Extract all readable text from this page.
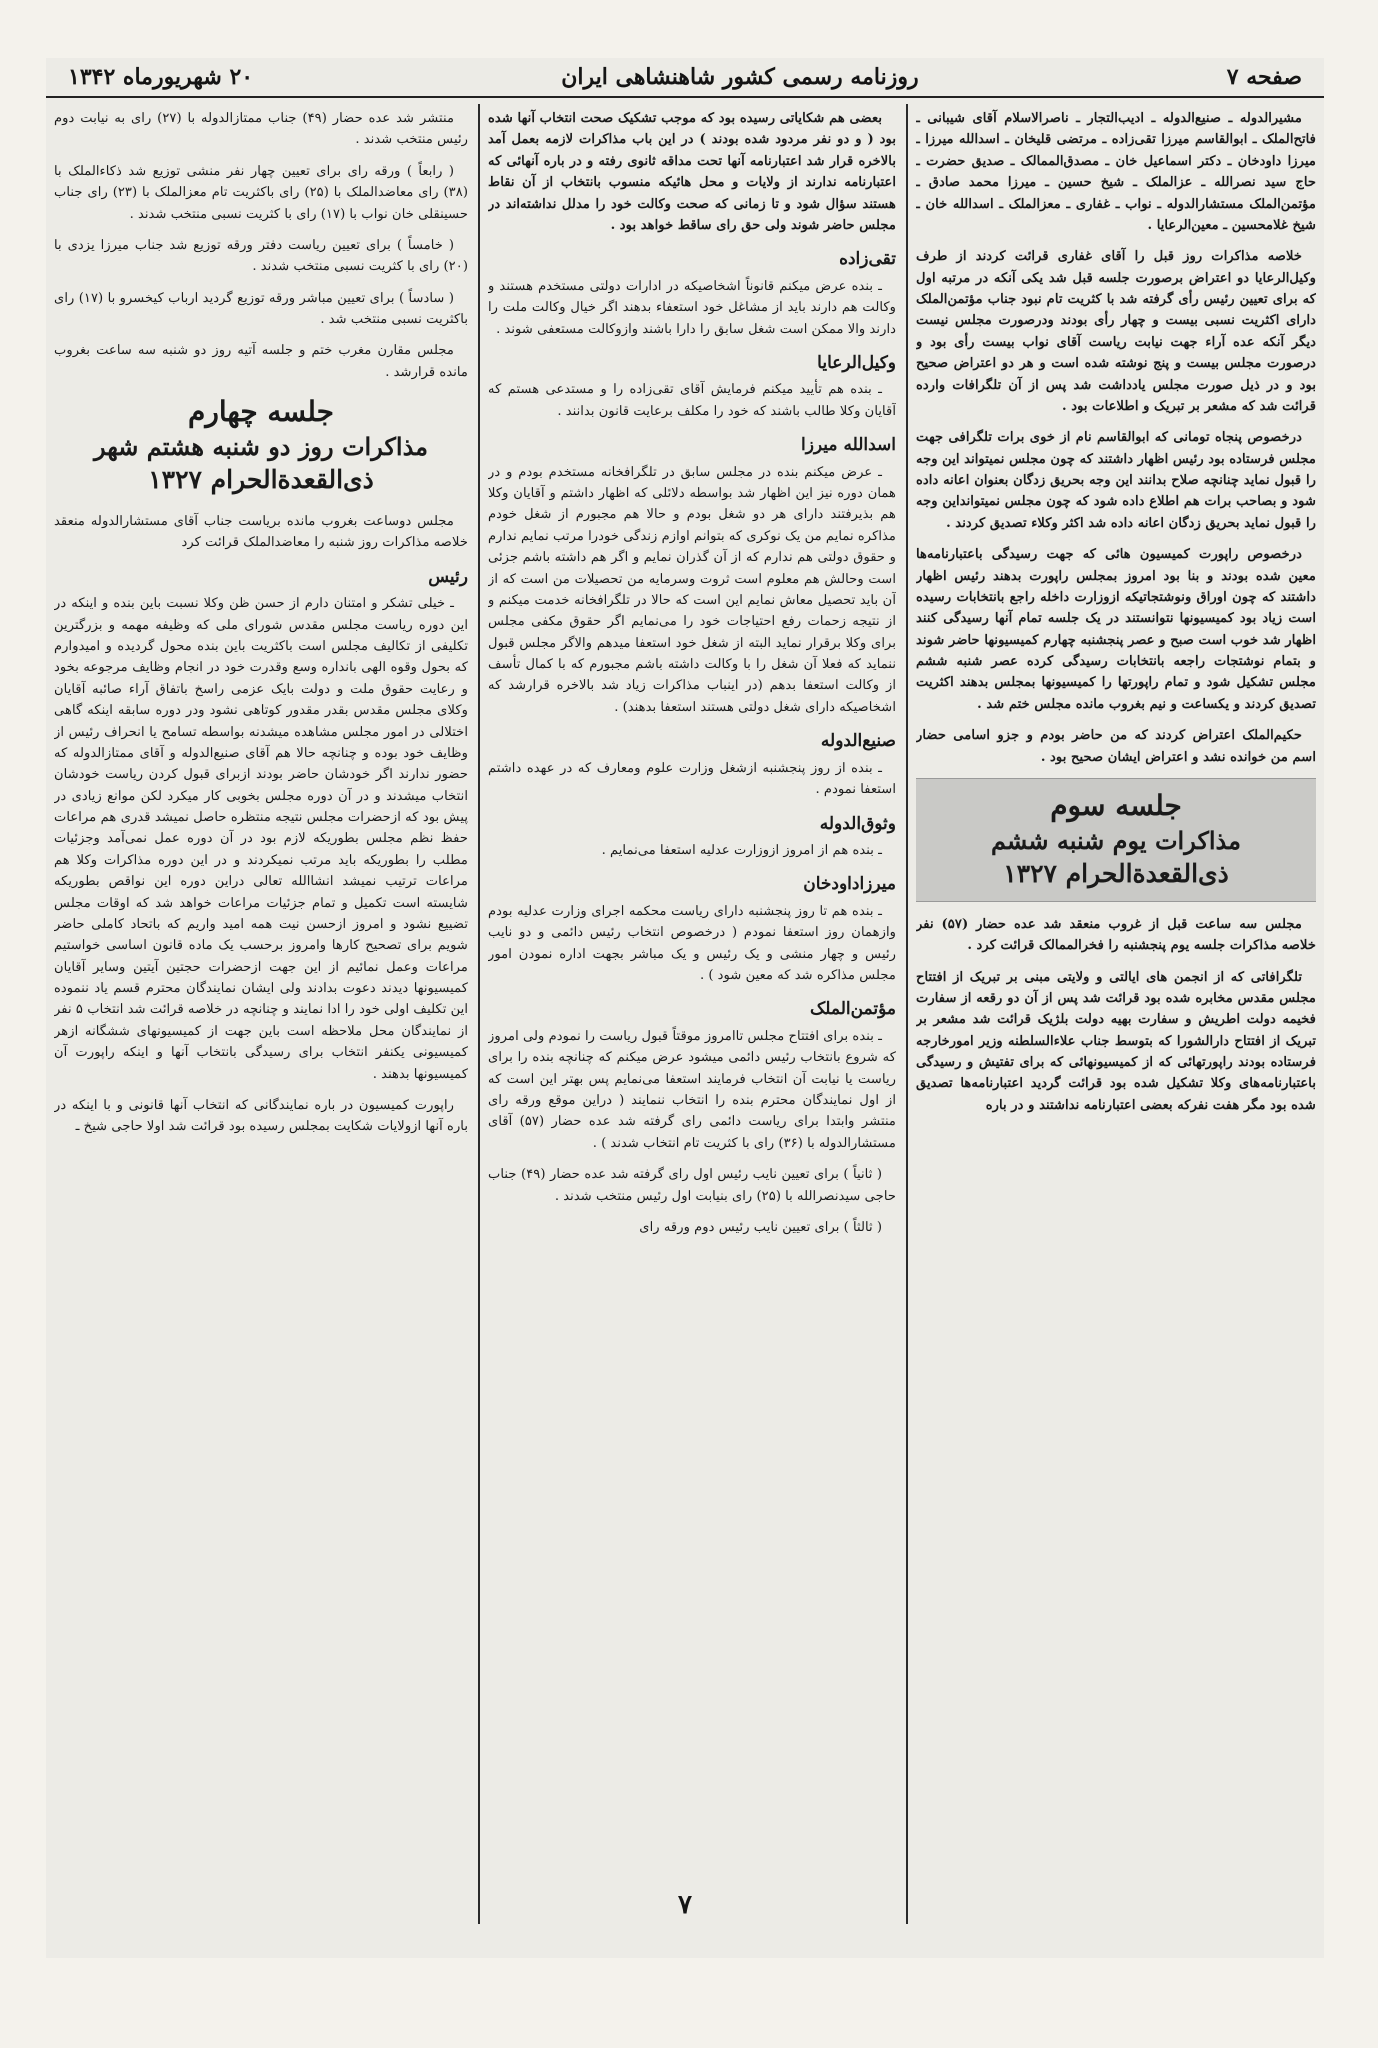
صفحه ۷
روزنامه رسمی کشور شاهنشاهی ایران
۲۰ شهریورماه ۱۳۴۲

مشیرالدوله ـ صنیع‌الدوله ـ ادیب‌التجار ـ ناصرالاسلام آقای شیبانی ـ فاتح‌الملک ـ ابوالقاسم میرزا تقی‌زاده ـ مرتضی قلیخان ـ اسدالله میرزا ـ میرزا داودخان ـ دکتر اسماعیل خان ـ مصدق‌الممالک ـ صدیق حضرت ـ حاج سید نصرالله ـ عزالملک ـ شیخ حسین ـ میرزا محمد صادق ـ مؤتمن‌الملک مستشارالدوله ـ نواب ـ غفاری ـ معزالملک ـ اسدالله خان ـ شیخ غلامحسین ـ معین‌الرعایا .

خلاصه مذاکرات روز قبل را آقای غفاری قرائت کردند از طرف وکیل‌الرعایا دو اعتراض برصورت جلسه قبل شد یکی آنکه در مرتبه اول که برای تعیین رئیس رأی گرفته شد با کثریت تام نبود جناب مؤتمن‌الملک دارای اکثریت نسبی بیست و چهار رأی بودند ودرصورت مجلس نیست دیگر آنکه عده آراء جهت نیابت ریاست آقای نواب بیست رأی بود و درصورت مجلس بیست و پنج نوشته شده است و هر دو اعتراض صحیح بود و در ذیل صورت مجلس یادداشت شد پس از آن تلگرافات وارده قرائت شد که مشعر بر تبریک و اطلاعات بود .

درخصوص پنجاه تومانی که ابوالقاسم نام از خوی برات تلگرافی جهت مجلس فرستاده بود رئیس اظهار داشتند که چون مجلس نمیتواند این وجه را قبول نماید چنانچه صلاح بدانند این وجه بحریق زدگان بعنوان اعانه داده شود و بصاحب برات هم اطلاع داده شود که چون مجلس نمیتوانداین وجه را قبول نماید بحریق زدگان اعانه داده شد اکثر وکلاء تصدیق کردند .

درخصوص راپورت کمیسیون هائی که جهت رسیدگی باعتبارنامه‌ها معین شده بودند و بنا بود امروز بمجلس راپورت بدهند رئیس اظهار داشتند که چون اوراق ونوشتجاتیکه ازوزارت داخله راجع بانتخابات رسیده است زیاد بود کمیسیونها نتوانستند در یک جلسه تمام آنها رسیدگی کنند اظهار شد خوب است صبح و عصر پنجشنبه چهارم کمیسیونها حاضر شوند و بتمام نوشتجات راجعه بانتخابات رسیدگی کرده عصر شنبه ششم مجلس تشکیل شود و تمام راپورتها را کمیسیونها بمجلس بدهند اکثریت تصدیق کردند و یکساعت و نیم بغروب مانده مجلس ختم شد .

حکیم‌الملک اعتراض کردند که من حاضر بودم و جزو اسامی حضار اسم من خوانده نشد و اعتراض ایشان صحیح بود .

جلسه سوم
مذاکرات یوم شنبه ششم
ذی‌القعدة‌الحرام ۱۳۲۷

مجلس سه ساعت قبل از غروب منعقد شد عده حضار (۵۷) نفر خلاصه مذاکرات جلسه یوم پنجشنبه را فخرالممالک قرائت کرد .

تلگرافاتی که از انجمن های ایالتی و ولایتی مبنی بر تبریک از افتتاح مجلس مقدس مخابره شده بود قرائت شد پس از آن دو رقعه از سفارت فخیمه دولت اطریش و سفارت بهیه دولت بلژیک قرائت شد مشعر بر تبریک از افتتاح دارالشورا که بتوسط جناب علاءالسلطنه وزیر امورخارجه فرستاده بودند راپورتهائی که از کمیسیونهائی که برای تفتیش و رسیدگی باعتبارنامه‌های وکلا تشکیل شده بود قرائت گردید اعتبارنامه‌ها تصدیق شده بود مگر هفت نفرکه بعضی اعتبارنامه نداشتند و در باره

بعضی هم شکایاتی رسیده بود که موجب تشکیک صحت انتخاب آنها شده بود ( و دو نفر مردود شده بودند ) در این باب مذاکرات لازمه بعمل آمد بالاخره قرار شد اعتبارنامه آنها تحت مداقه ثانوی رفته و در باره آنهائی که اعتبارنامه ندارند از ولایات و محل هائیکه منسوب بانتخاب از آن نقاط هستند سؤال شود و تا زمانی که صحت وکالت خود را مدلل نداشته‌اند در مجلس حاضر شوند ولی حق رای ساقط خواهد بود .

تقی‌زاده

ـ بنده عرض میکنم قانوناً اشخاصیکه در ادارات دولتی مستخدم هستند و وکالت هم دارند باید از مشاغل خود استعفاء بدهند اگر خیال وکالت ملت را دارند والا ممکن است شغل سابق را دارا باشند وازوکالت مستعفی شوند .

وکیل‌الرعایا

ـ بنده هم تأیید میکنم فرمایش آقای تقی‌زاده را و مستدعی هستم که آقایان وکلا طالب باشند که خود را مکلف برعایت قانون بدانند .

اسدالله میرزا

ـ عرض میکنم بنده در مجلس سابق در تلگرافخانه مستخدم بودم و در همان دوره نیز این اظهار شد بواسطه دلائلی که اظهار داشتم و آقایان وکلا هم بذیرفتند دارای هر دو شغل بودم و حالا هم مجبورم از شغل خودم مذاکره نمایم من یک نوکری که بتوانم اوازم زندگی خودرا مرتب نمایم ندارم و حقوق دولتی هم ندارم که از آن گذران نمایم و اگر هم داشته باشم جزئی است وحالش هم معلوم است ثروت وسرمایه من تحصیلات من است که از آن باید تحصیل معاش نمایم این است که حالا در تلگرافخانه خدمت میکنم و از نتیجه زحمات رفع احتیاجات خود را می‌نمایم اگر حقوق مکفی مجلس برای وکلا برقرار نماید البته از شغل خود استعفا میدهم والاگر مجلس قبول ننماید که فعلا آن شغل را با وکالت داشته باشم مجبورم که با کمال تأسف از وکالت استعفا بدهم (در اینباب مذاکرات زیاد شد بالاخره قرارشد که اشخاصیکه دارای شغل دولتی هستند استعفا بدهند) .

صنیع‌الدوله

ـ بنده از روز پنجشنبه ازشغل وزارت علوم ومعارف که در عهده داشتم استعفا نمودم .

وثوق‌الدوله

ـ بنده هم از امروز ازوزارت عدلیه استعفا می‌نمایم .

میرزاداودخان

ـ بنده هم تا روز پنجشنبه دارای ریاست محکمه اجرای وزارت عدلیه بودم وازهمان روز استعفا نمودم ( درخصوص انتخاب رئیس دائمی و دو نایب رئیس و چهار منشی و یک رئیس و یک مباشر بجهت اداره نمودن امور مجلس مذاکره شد که معین شود ) .

مؤتمن‌الملک

ـ بنده برای افتتاح مجلس تاامروز موقتاً قبول ریاست را نمودم ولی امروز که شروع بانتخاب رئیس دائمی میشود عرض میکنم که چنانچه بنده را برای ریاست یا نیابت آن انتخاب فرمایند استعفا می‌نمایم پس بهتر این است که از اول نمایندگان محترم بنده را انتخاب ننمایند ( دراین موقع ورقه رای منتشر وابتدا برای ریاست دائمی رای گرفته شد عده حضار (۵۷) آقای مستشارالدوله با (۳۶) رای با کثریت تام انتخاب شدند ) .

( ثانیاً ) برای تعیین نایب رئیس اول رای گرفته شد عده حضار (۴۹) جناب حاجی سیدنصرالله با (۲۵) رای بنیابت اول رئیس منتخب شدند .

( ثالثاً ) برای تعیین نایب رئیس دوم ورقه رای

منتشر شد عده حضار (۴۹) جناب ممتازالدوله با (۲۷) رای به نیابت دوم رئیس منتخب شدند .

( رابعاً ) ورقه رای برای تعیین چهار نفر منشی توزیع شد ذکاءالملک با (۳۸) رای معاضدالملک با (۲۵) رای باکثریت تام معزالملک با (۲۳) رای جناب حسینقلی خان نواب با (۱۷) رای با کثریت نسبی منتخب شدند .

( خامساً ) برای تعیین ریاست دفتر ورقه توزیع شد جناب میرزا یزدی با (۲۰) رای با کثریت نسبی منتخب شدند .

( سادساً ) برای تعیین مباشر ورقه توزیع گردید ارباب کیخسرو با (۱۷) رای باکثریت نسبی منتخب شد .

مجلس مقارن مغرب ختم و جلسه آتیه روز دو شنبه سه ساعت بغروب مانده قرارشد .

جلسه چهارم
مذاکرات روز دو شنبه هشتم شهر
ذی‌القعدة‌الحرام ۱۳۲۷

مجلس دوساعت بغروب مانده بریاست جناب آقای مستشارالدوله منعقد خلاصه مذاکرات روز شنبه را معاضدالملک قرائت کرد

رئیس

ـ خیلی تشکر و امتنان دارم از حسن ظن وکلا نسبت باین بنده و اینکه در این دوره ریاست مجلس مقدس شورای ملی که وظیفه مهمه و بزرگترین تکلیفی از تکالیف مجلس است باکثریت باین بنده محول گردیده و امیدوارم که بحول وقوه الهی بانداره وسع وقدرت خود در انجام وظایف مرجوعه بخود و رعایت حقوق ملت و دولت بایک عزمی راسخ باتفاق آراء صائبه آقایان وکلای مجلس مقدس بقدر مقدور کوتاهی نشود ودر دوره سابقه اینکه گاهی اختلالی در امور مجلس مشاهده میشدنه بواسطه تسامح یا انحراف رئیس از وظایف خود بوده و چنانچه حالا هم آقای صنیع‌الدوله و آقای ممتازالدوله که حضور ندارند اگر خودشان حاضر بودند ازبرای قبول کردن ریاست خودشان انتخاب میشدند و در آن دوره مجلس بخوبی کار میکرد لکن موانع زیادی در پیش بود که ازحضرات مجلس نتیجه منتظره حاصل نمیشد قدری هم مراعات حفظ نظم مجلس بطوریکه لازم بود در آن دوره عمل نمی‌آمد وجزئیات مطلب را بطوریکه باید مرتب نمیکردند و در این دوره مذاکرات وکلا هم مراعات ترتیب نمیشد انشاالله تعالی دراین دوره این نواقص بطوریکه شایسته است تکمیل و تمام جزئیات مراعات خواهد شد که اوقات مجلس تضییع نشود و امروز ازحسن نیت همه امید واریم که باتحاد کاملی حاضر شویم برای تصحیح کارها وامروز برحسب یک ماده قانون اساسی خواستیم مراعات وعمل نمائیم از این جهت ازحضرات حجتین آیتین وسایر آقایان کمیسیونها دیدند دعوت بدادند ولی ایشان نمایندگان محترم قسم یاد ننموده این تکلیف اولی خود را ادا نمایند و چنانچه در خلاصه قرائت شد انتخاب ۵ نفر از نمایندگان محل ملاحظه است باین جهت از کمیسیونهای ششگانه ازهر کمیسیونی یکنفر انتخاب برای رسیدگی بانتخاب آنها و اینکه راپورت آن کمیسیونها بدهند .

راپورت کمیسیون در باره نمایندگانی که انتخاب آنها قانونی و با اینکه در باره آنها ازولایات شکایت بمجلس رسیده بود قرائت شد اولا حاجی شیخ ـ

۷
